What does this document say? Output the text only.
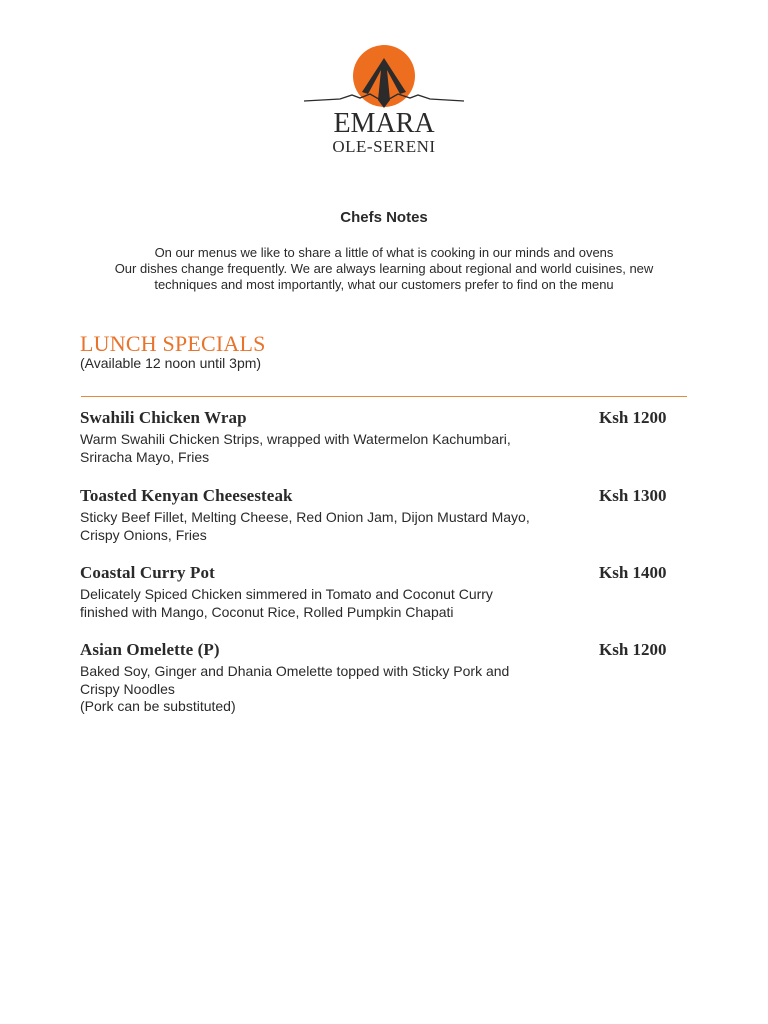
EMARA
OLE-SERENI
Chefs Notes
On our menus we like to share a little of what is cooking in our minds and ovens
Our dishes change frequently. We are always learning about regional and world cuisines, new
techniques and most importantly, what our customers prefer to find on the menu
LUNCH SPECIALS
(Available 12 noon until 3pm)
Swahili Chicken Wrap	Ksh 1200
Warm Swahili Chicken Strips, wrapped with Watermelon Kachumbari,
Sriracha Mayo, Fries
Toasted Kenyan Cheesesteak	Ksh 1300
Sticky Beef Fillet, Melting Cheese, Red Onion Jam, Dijon Mustard Mayo,
Crispy Onions, Fries
Coastal Curry Pot	Ksh 1400
Delicately Spiced Chicken simmered in Tomato and Coconut Curry
finished with Mango, Coconut Rice, Rolled Pumpkin Chapati
Asian Omelette (P)	Ksh 1200
Baked Soy, Ginger and Dhania Omelette topped with Sticky Pork and
Crispy Noodles
(Pork can be substituted)
